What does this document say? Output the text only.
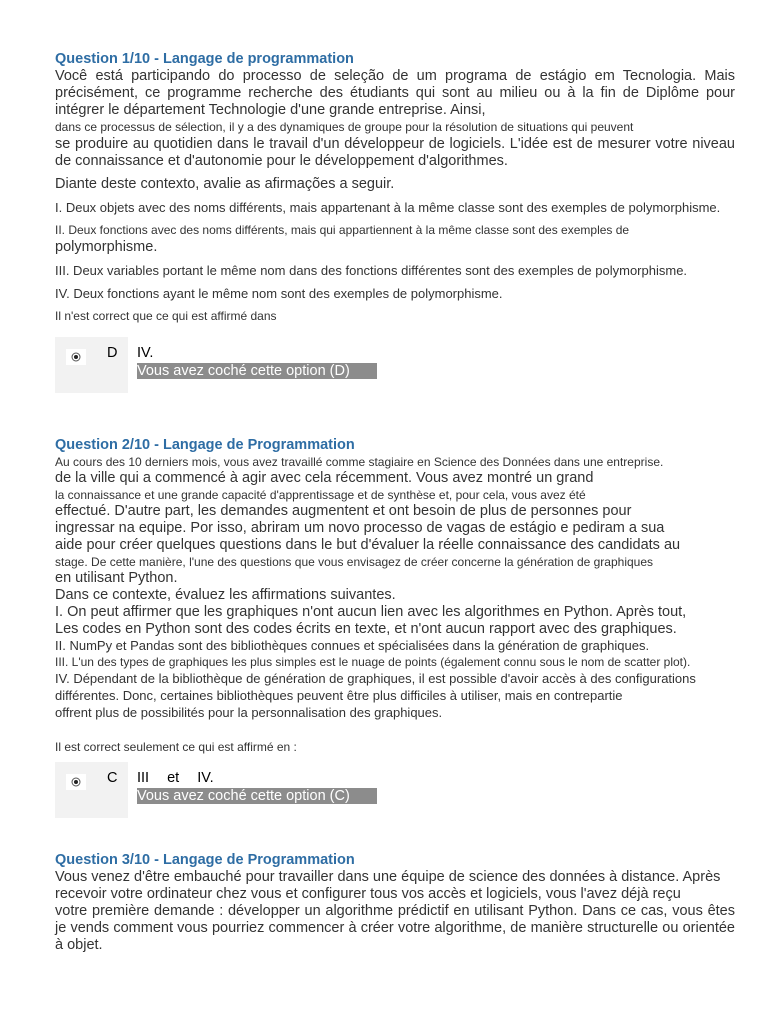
Question 1/10 - Langage de programmation

Você está participando do processo de seleção de um programa de estágio em Tecnologia. Mais précisément, ce programme recherche des étudiants qui sont au milieu ou à la fin de Diplôme pour intégrer le département Technologie d'une grande entreprise. Ainsi,

dans ce processus de sélection, il y a des dynamiques de groupe pour la résolution de situations qui peuvent

se produire au quotidien dans le travail d'un développeur de logiciels. L'idée est de mesurer votre niveau de connaissance et d'autonomie pour le développement d'algorithmes.

Diante deste contexto, avalie as afirmações a seguir.

I. Deux objets avec des noms différents, mais appartenant à la même classe sont des exemples de polymorphisme.

II. Deux fonctions avec des noms différents, mais qui appartiennent à la même classe sont des exemples de

polymorphisme.

III. Deux variables portant le même nom dans des fonctions différentes sont des exemples de polymorphisme.

IV. Deux fonctions ayant le même nom sont des exemples de polymorphisme.

Il n'est correct que ce qui est affirmé dans

D IV.
Vous avez coché cette option (D)
Question 2/10 - Langage de Programmation

Au cours des 10 derniers mois, vous avez travaillé comme stagiaire en Science des Données dans une entreprise.

de la ville qui a commencé à agir avec cela récemment. Vous avez montré un grand

la connaissance et une grande capacité d'apprentissage et de synthèse et, pour cela, vous avez été

effectué. D'autre part, les demandes augmentent et ont besoin de plus de personnes pour

ingressar na equipe. Por isso, abriram um novo processo de vagas de estágio e pediram a sua

aide pour créer quelques questions dans le but d'évaluer la réelle connaissance des candidats au

stage. De cette manière, l'une des questions que vous envisagez de créer concerne la génération de graphiques

en utilisant Python.

Dans ce contexte, évaluez les affirmations suivantes.

I. On peut affirmer que les graphiques n'ont aucun lien avec les algorithmes en Python. Après tout,

Les codes en Python sont des codes écrits en texte, et n'ont aucun rapport avec des graphiques.

II. NumPy et Pandas sont des bibliothèques connues et spécialisées dans la génération de graphiques.

III. L'un des types de graphiques les plus simples est le nuage de points (également connu sous le nom de scatter plot).

IV. Dépendant de la bibliothèque de génération de graphiques, il est possible d'avoir accès à des configurations

différentes. Donc, certaines bibliothèques peuvent être plus difficiles à utiliser, mais en contrepartie

offrent plus de possibilités pour la personnalisation des graphiques.

Il est correct seulement ce qui est affirmé en :

C III et IV.
Vous avez coché cette option (C)
Question 3/10 - Langage de Programmation

Vous venez d'être embauché pour travailler dans une équipe de science des données à distance. Après

recevoir votre ordinateur chez vous et configurer tous vos accès et logiciels, vous l'avez déjà reçu

votre première demande : développer un algorithme prédictif en utilisant Python. Dans ce cas, vous êtes je vends comment vous pourriez commencer à créer votre algorithme, de manière structurelle ou orientée à objet.
